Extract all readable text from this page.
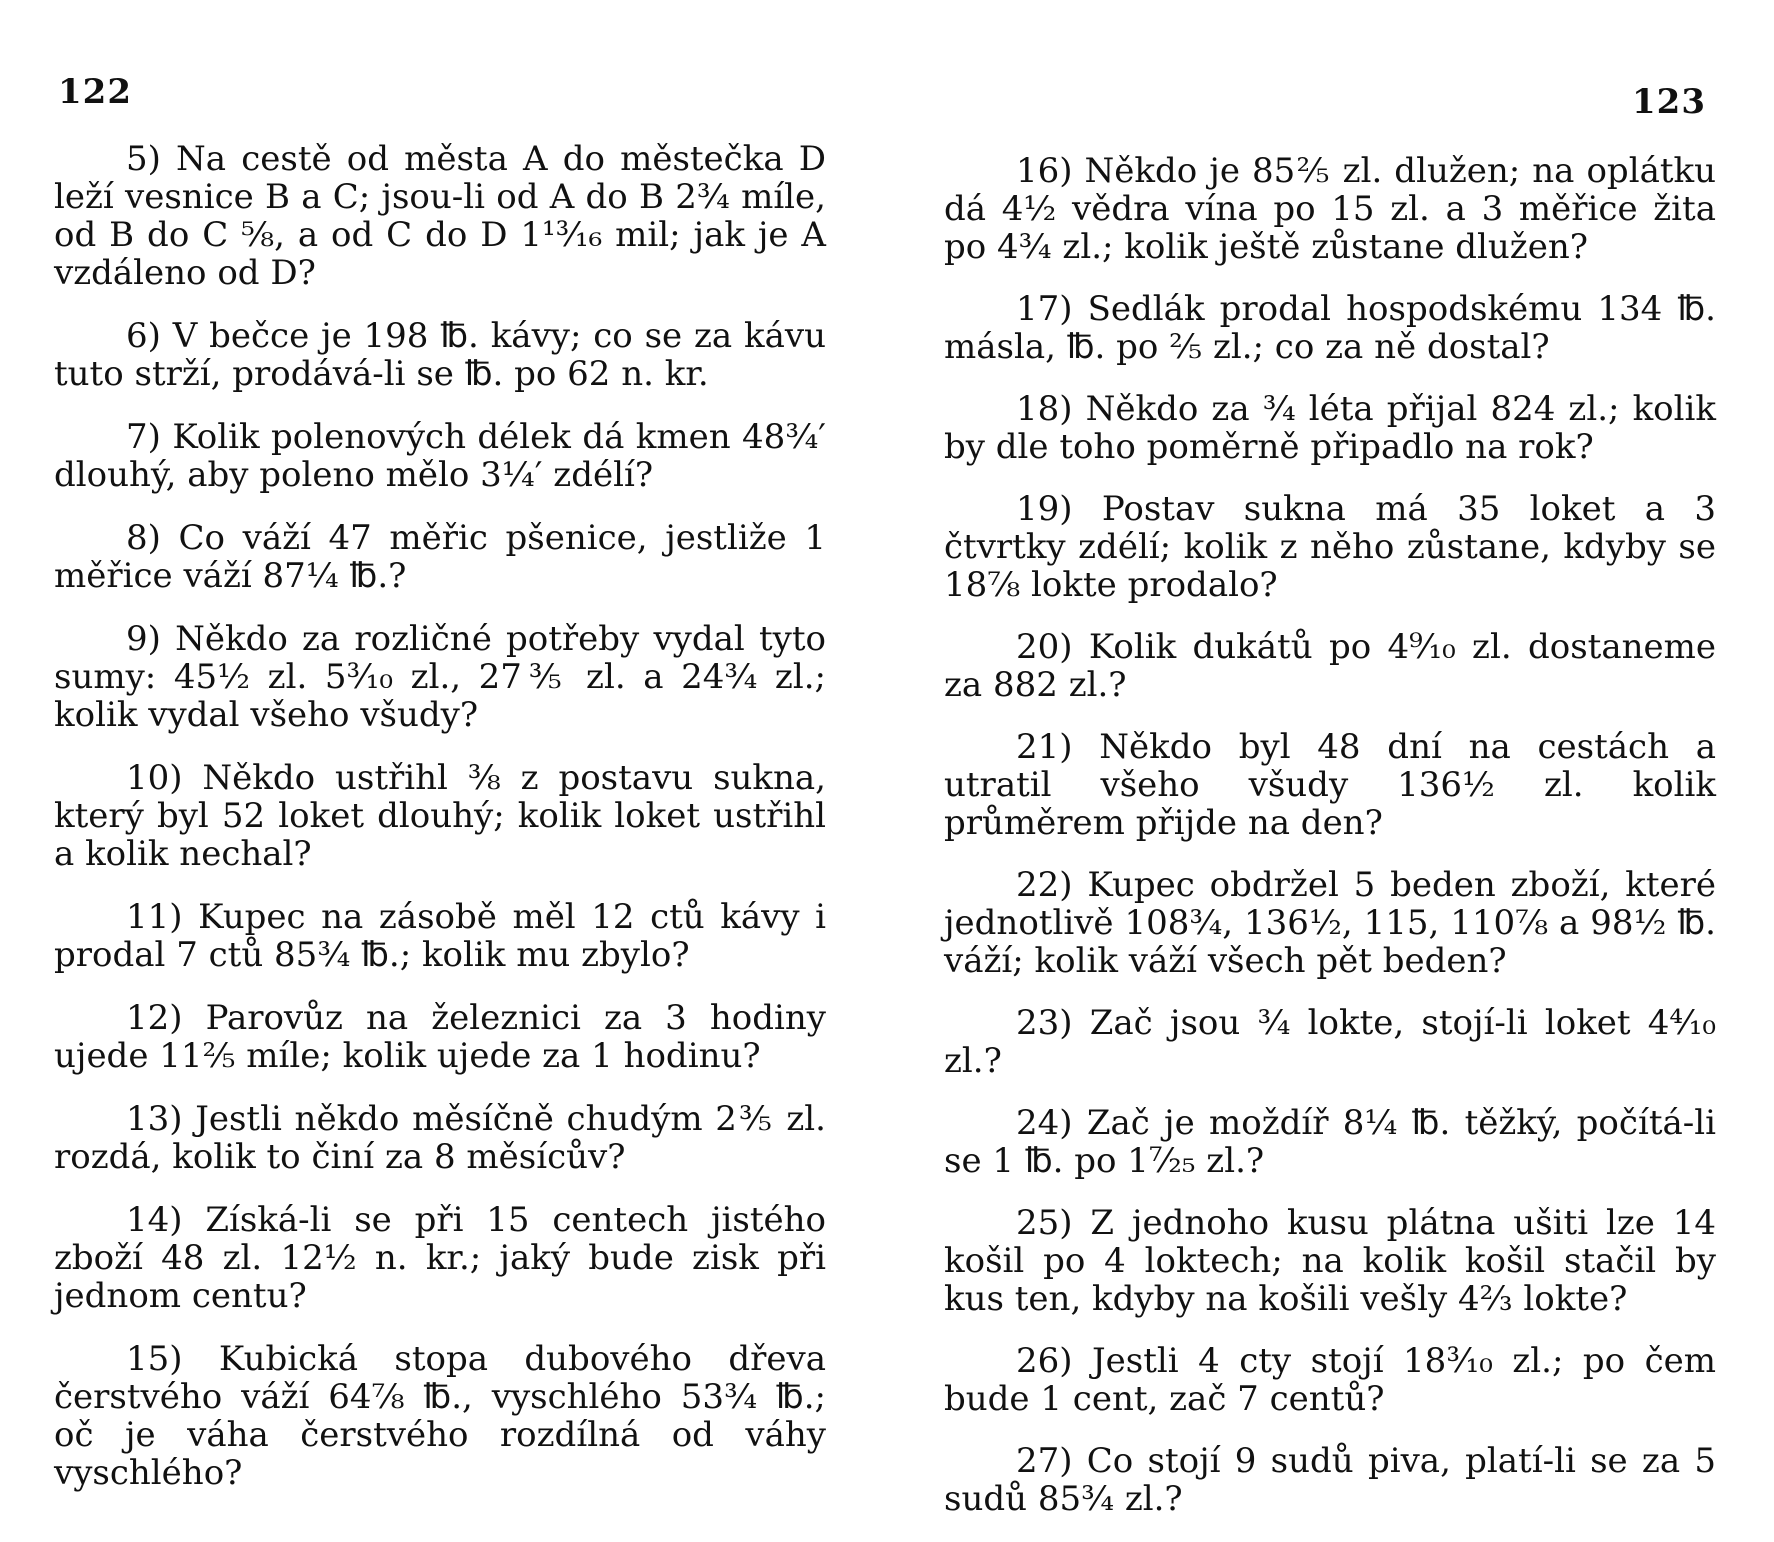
122

5) Na cestě od města A do městečka D leží vesnice B a C; jsou-li od A do B 2¾ míle, od B do C ⅝, a od C do D 1¹³⁄₁₆ mil; jak je A vzdáleno od D?

6) V bečce je 198 ℔. kávy; co se za kávu tuto strží, prodává-li se ℔. po 62 n. kr.

7) Kolik polenových délek dá kmen 48¾′ dlouhý, aby poleno mělo 3¼′ zdélí?

8) Co váží 47 měřic pšenice, jestliže 1 měřice váží 87¼ ℔.?

9) Někdo za rozličné potřeby vydal tyto sumy: 45½ zl. 5³⁄₁₀ zl., 27⅗ zl. a 24¾ zl.; kolik vydal všeho všudy?

10) Někdo ustřihl ⅜ z postavu sukna, který byl 52 loket dlouhý; kolik loket ustřihl a kolik nechal?

11) Kupec na zásobě měl 12 ctů kávy i prodal 7 ctů 85¾ ℔.; kolik mu zbylo?

12) Parovůz na železnici za 3 hodiny ujede 11⅖ míle; kolik ujede za 1 hodinu?

13) Jestli někdo měsíčně chudým 2⅗ zl. rozdá, kolik to činí za 8 měsícův?

14) Získá-li se při 15 centech jistého zboží 48 zl. 12½ n. kr.; jaký bude zisk při jednom centu?

15) Kubická stopa dubového dřeva čerstvého váží 64⅞ ℔., vyschlého 53¾ ℔.; oč je váha čerstvého rozdílná od váhy vyschlého?

123

16) Někdo je 85⅖ zl. dlužen; na oplátku dá 4½ vědra vína po 15 zl. a 3 měřice žita po 4¾ zl.; kolik ještě zůstane dlužen?

17) Sedlák prodal hospodskému 134 ℔. másla, ℔. po ⅖ zl.; co za ně dostal?

18) Někdo za ¾ léta přijal 824 zl.; kolik by dle toho poměrně připadlo na rok?

19) Postav sukna má 35 loket a 3 čtvrtky zdélí; kolik z něho zůstane, kdyby se 18⅞ lokte prodalo?

20) Kolik dukátů po 4⁹⁄₁₀ zl. dostaneme za 882 zl.?

21) Někdo byl 48 dní na cestách a utratil všeho všudy 136½ zl. kolik průměrem přijde na den?

22) Kupec obdržel 5 beden zboží, které jednotlivě 108¾, 136½, 115, 110⅞ a 98½ ℔. váží; kolik váží všech pět beden?

23) Zač jsou ¾ lokte, stojí-li loket 4⁴⁄₁₀ zl.?

24) Zač je moždíř 8¼ ℔. těžký, počítá-li se 1 ℔. po 1⁷⁄₂₅ zl.?

25) Z jednoho kusu plátna ušiti lze 14 košil po 4 loktech; na kolik košil stačil by kus ten, kdyby na košili vešly 4⅔ lokte?

26) Jestli 4 cty stojí 18³⁄₁₀ zl.; po čem bude 1 cent, zač 7 centů?

27) Co stojí 9 sudů piva, platí-li se za 5 sudů 85¾ zl.?
